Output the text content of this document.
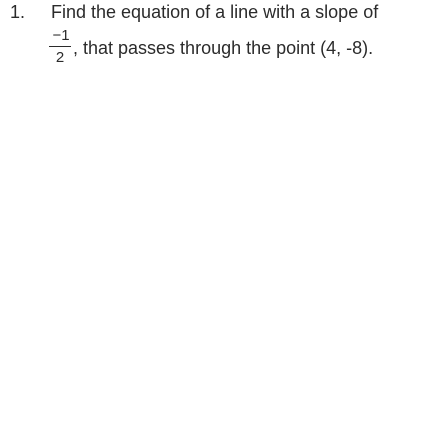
1. Find the equation of a line with a slope of
−1
2 , that passes through the point (4, -8).
